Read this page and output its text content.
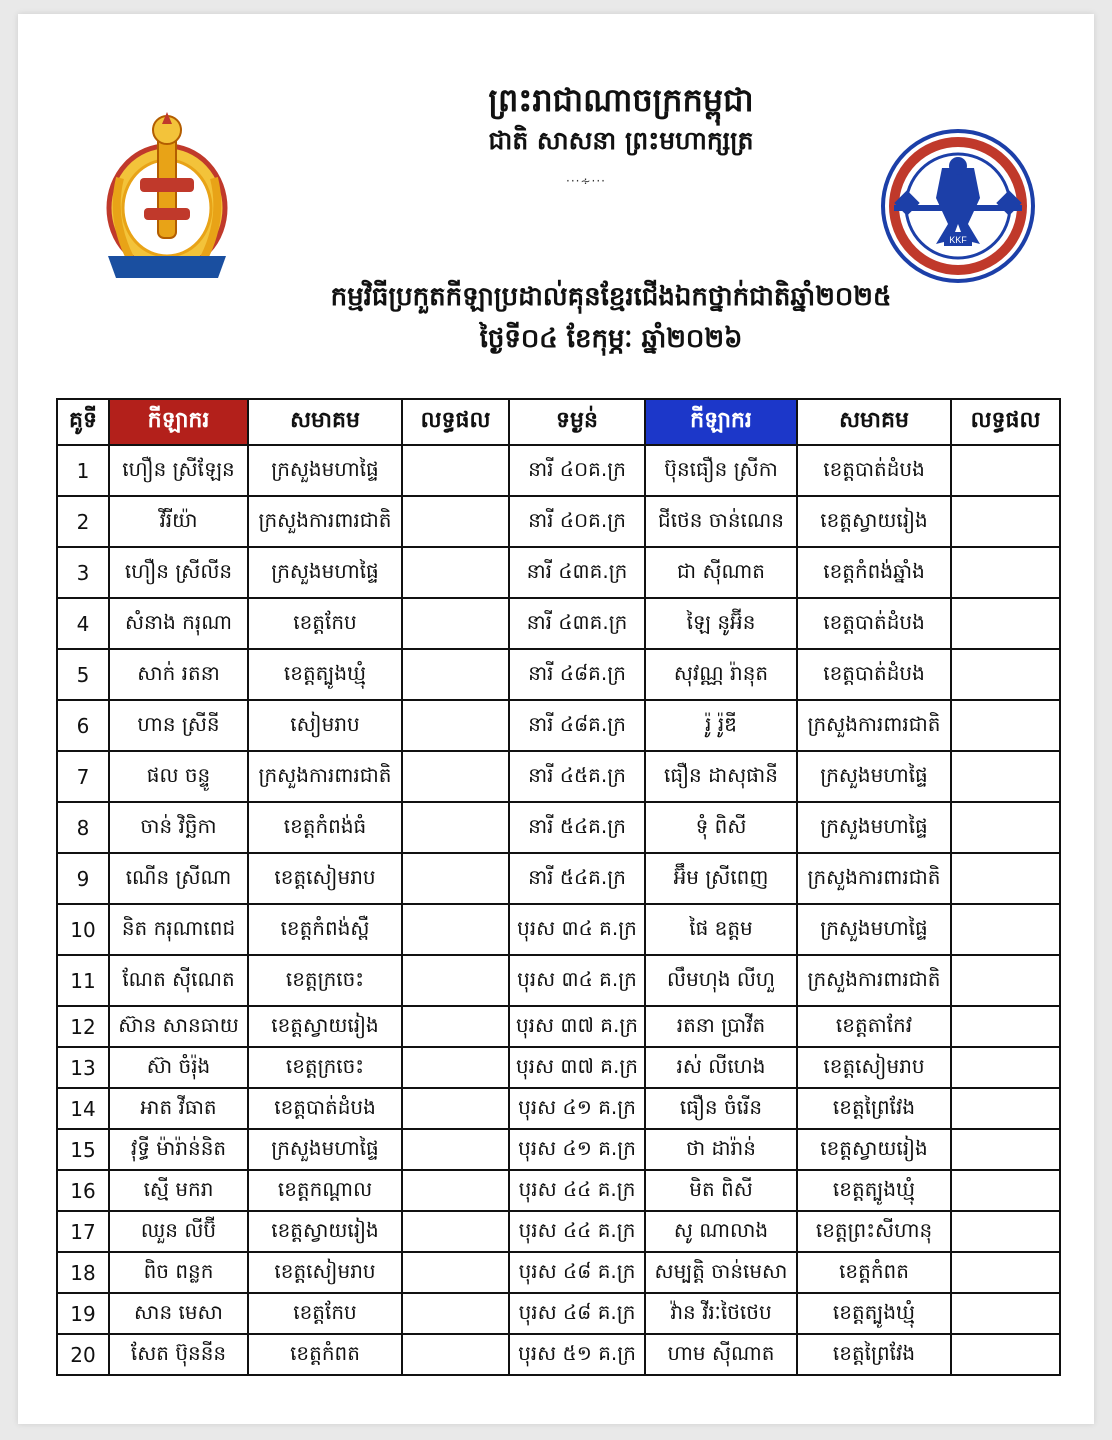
KKF
ព្រះរាជាណាចក្រកម្ពុជា
ជាតិ សាសនា ព្រះមហាក្សត្រ
···∻···
កម្មវិធីប្រកួតកីឡាប្រដាល់គុនខ្មែរជើងឯកថ្នាក់ជាតិឆ្នាំ២០២៥
ថ្ងៃទី០៤ ខែកុម្ភៈ ឆ្នាំ២០២៦
គូទី	កីឡាករ	សមាគម	លទ្ធផល	ទម្ងន់	កីឡាករ	សមាគម	លទ្ធផល
1	ហឿន ស្រីឡែន	ក្រសួងមហាផ្ទៃ		នារី ៤០គ.ក្រ	ប៊ុនធឿន ស្រីកា	ខេត្តបាត់ដំបង	
2	វីរីយ៉ា	ក្រសួងការពារជាតិ		នារី ៤០គ.ក្រ	ជីថេន ចាន់ណេន	ខេត្តស្វាយរៀង	
3	ហឿន ស្រីលីន	ក្រសួងមហាផ្ទៃ		នារី ៤៣គ.ក្រ	ជា ស៊ីណាត	ខេត្តកំពង់ឆ្នាំង	
4	សំនាង ករុណា	ខេត្តកែប		នារី ៤៣គ.ក្រ	ឡៃ នូអ៊ីន	ខេត្តបាត់ដំបង	
5	សាក់ រតនា	ខេត្តត្បូងឃ្មុំ		នារី ៤៨គ.ក្រ	សុវណ្ណ រ៉ានុត	ខេត្តបាត់ដំបង	
6	ហាន ស្រីនី	សៀមរាប		នារី ៤៨គ.ក្រ	រ៉ូ រ៉ូឌី	ក្រសួងការពារជាតិ	
7	ផល ចន្ទូ	ក្រសួងការពារជាតិ		នារី ៤៥គ.ក្រ	ធឿន ដាសុផានី	ក្រសួងមហាផ្ទៃ	
8	ចាន់ វិច្ឆិកា	ខេត្តកំពង់ធំ		នារី ៥៤គ.ក្រ	ទុំ ពិសី	ក្រសួងមហាផ្ទៃ	
9	ណើន ស្រីណា	ខេត្តសៀមរាប		នារី ៥៤គ.ក្រ	អ៊ឹម ស្រីពេញ	ក្រសួងការពារជាតិ	
10	និត ករុណាពេជ	ខេត្តកំពង់ស្ពឺ		បុរស ៣៤ គ.ក្រ	ផៃ ឧត្តម	ក្រសួងមហាផ្ទៃ	
11	ណែត ស៊ីណេត	ខេត្តក្រចេះ		បុរស ៣៤ គ.ក្រ	លឹមហុង លីហួ	ក្រសួងការពារជាតិ	
12	ស៊ាន សានធាយ	ខេត្តស្វាយរៀង		បុរស ៣៧ គ.ក្រ	រតនា ប្រាវីត	ខេត្តតាកែវ	
13	ស៊ា ចំរ៉ុង	ខេត្តក្រចេះ		បុរស ៣៧ គ.ក្រ	រស់ លីហេង	ខេត្តសៀមរាប	
14	អាត វីធាត	ខេត្តបាត់ដំបង		បុរស ៤១ គ.ក្រ	ធឿន ចំរើន	ខេត្តព្រៃវែង	
15	វុទ្ធី ម៉ារ៉ាន់និត	ក្រសួងមហាផ្ទៃ		បុរស ៤១ គ.ក្រ	ថា ដារ៉ាន់	ខេត្តស្វាយរៀង	
16	ស្មើ មករា	ខេត្តកណ្តាល		បុរស ៤៤ គ.ក្រ	មិត ពិសី	ខេត្តត្បូងឃ្មុំ	
17	ឈួន លីប៊ី	ខេត្តស្វាយរៀង		បុរស ៤៤ គ.ក្រ	សូ ណាលាង	ខេត្តព្រះសីហានុ	
18	ពិច ពន្លក	ខេត្តសៀមរាប		បុរស ៤៨ គ.ក្រ	សម្បត្តិ ចាន់មេសា	ខេត្តកំពត	
19	សាន មេសា	ខេត្តកែប		បុរស ៤៨ គ.ក្រ	វ៉ាន វីរៈថៃថេប	ខេត្តត្បូងឃ្មុំ	
20	សែត ប៊ុននីន	ខេត្តកំពត		បុរស ៥១ គ.ក្រ	ហាម ស៊ីណាត	ខេត្តព្រៃវែង	
